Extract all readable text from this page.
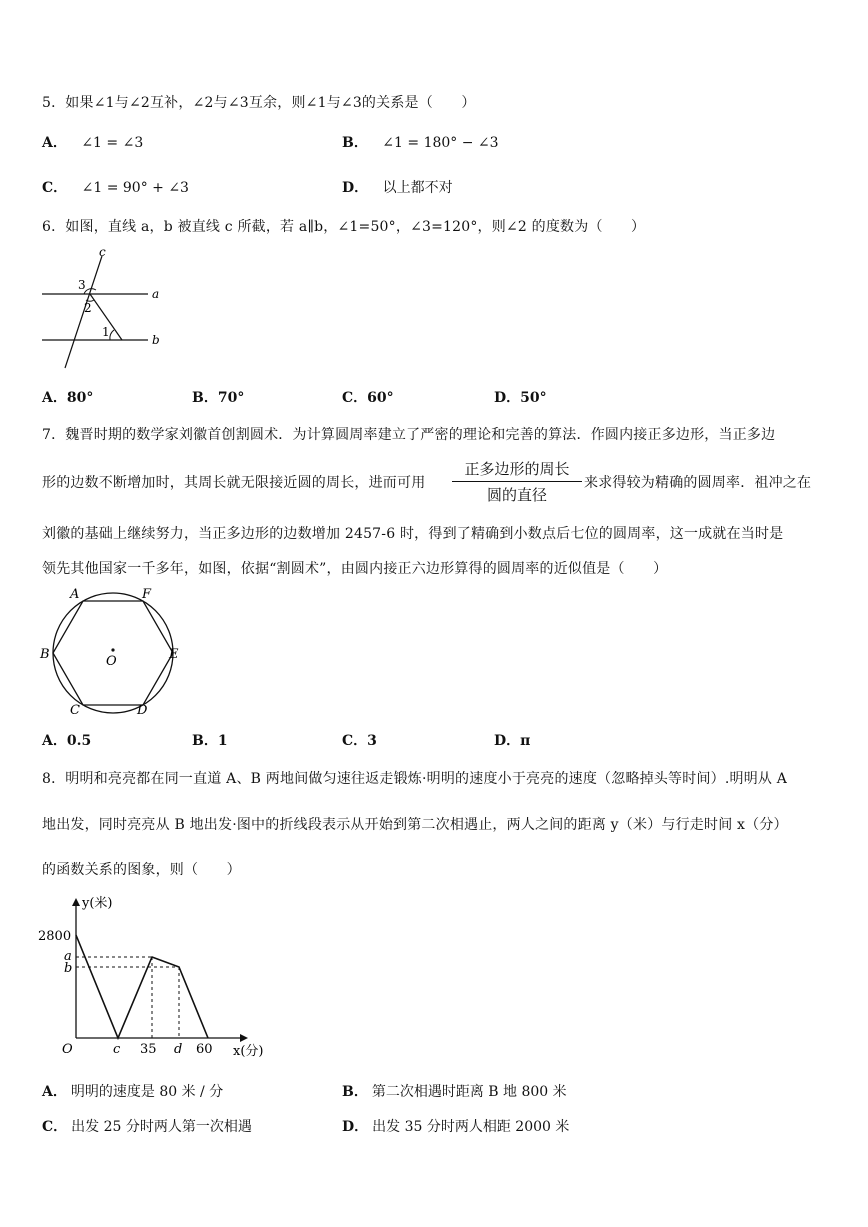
5．如果∠1与∠2互补，∠2与∠3互余，则∠1与∠3的关系是（　　）
A． ∠1 = ∠3	B． ∠1 = 180° − ∠3
C． ∠1 = 90° + ∠3	D． 以上都不对
6．如图，直线 a，b 被直线 c 所截，若 a∥b，∠1=50°，∠3=120°，则∠2 的度数为（　　）
c
a
b
3
2
1
A．80°	B．70°	C．60°	D．50°
7．魏晋时期的数学家刘徽首创割圆术．为计算圆周率建立了严密的理论和完善的算法．作圆内接正多边形，当正多边
形的边数不断增加时，其周长就无限接近圆的周长，进而可用
正多边形的周长
圆的直径
来求得较为精确的圆周率．祖冲之在
刘徽的基础上继续努力，当正多边形的边数增加 2457‑6 时，得到了精确到小数点后七位的圆周率，这一成就在当时是
领先其他国家一千多年，如图，依据“割圆术”，由圆内接正六边形算得的圆周率的近似值是（　　）
A	F
B	E
C	D
O
A．0.5	B．1	C．3	D．π
8．明明和亮亮都在同一直道 A、B 两地间做匀速往返走锻炼·明明的速度小于亮亮的速度（忽略掉头等时间）.明明从 A
地出发，同时亮亮从 B 地出发·图中的折线段表示从开始到第二次相遇止，两人之间的距离 y（米）与行走时间 x（分）
的函数关系的图象，则（　　）
y(米)
x(分)
O
2800
a
b
c 35 d 60
A． 明明的速度是 80 米 / 分	B． 第二次相遇时距离 B 地 800 米
C． 出发 25 分时两人第一次相遇	D． 出发 35 分时两人相距 2000 米
